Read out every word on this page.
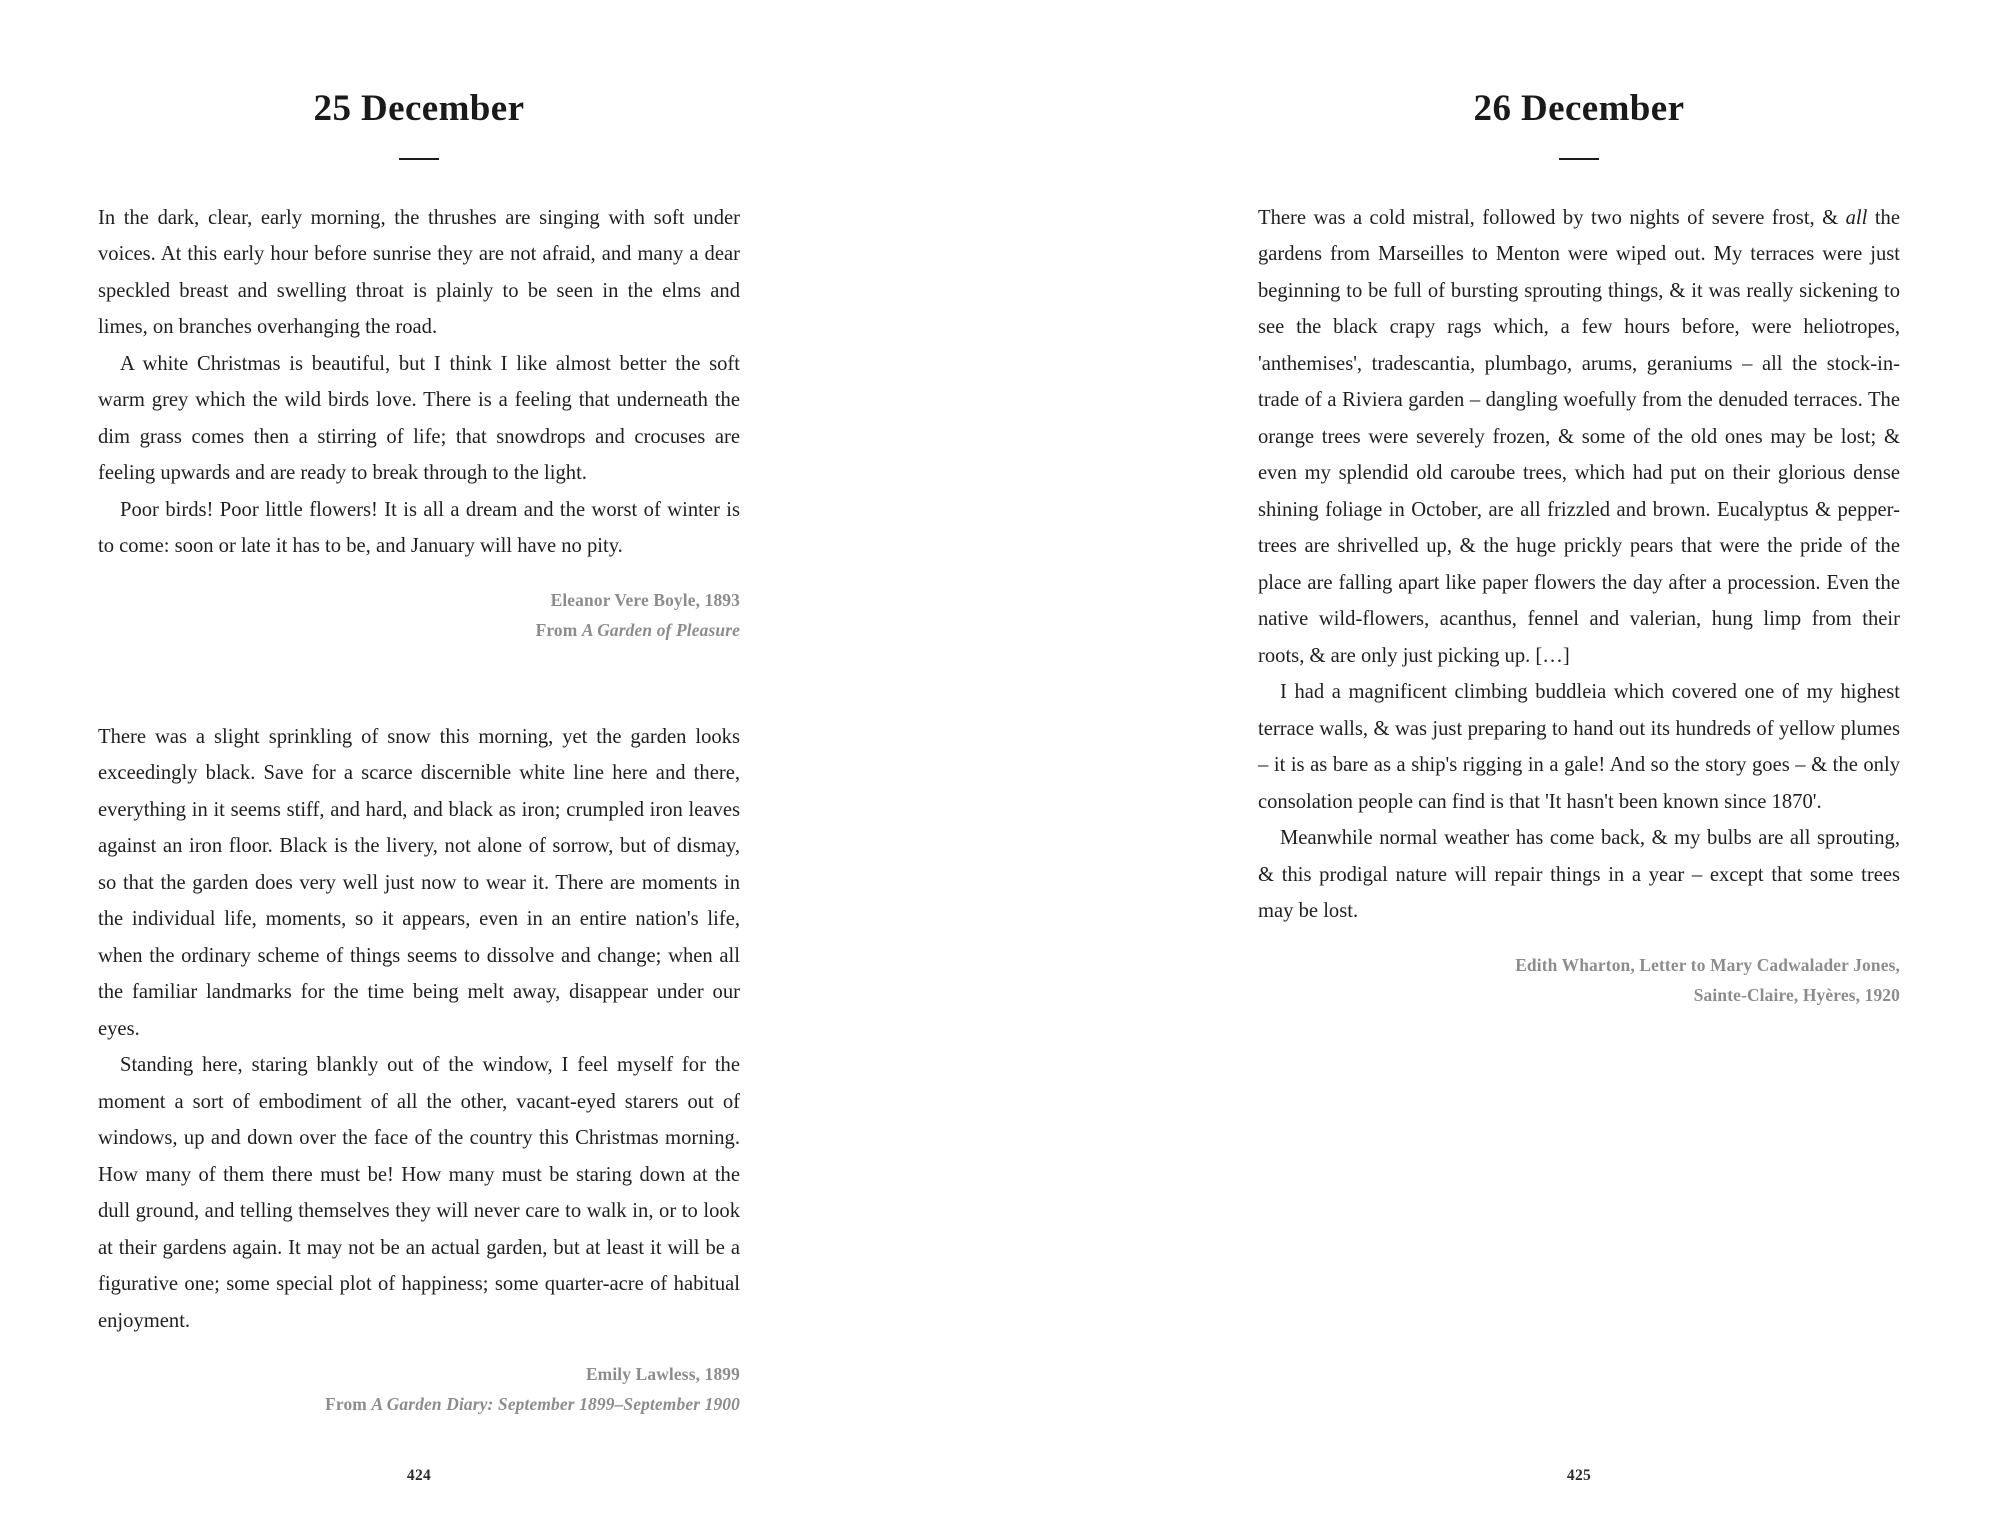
25 December

In the dark, clear, early morning, the thrushes are singing with soft under voices. At this early hour before sunrise they are not afraid, and many a dear speckled breast and swelling throat is plainly to be seen in the elms and limes, on branches overhanging the road.

A white Christmas is beautiful, but I think I like almost better the soft warm grey which the wild birds love. There is a feeling that underneath the dim grass comes then a stirring of life; that snowdrops and crocuses are feeling upwards and are ready to break through to the light.

Poor birds! Poor little flowers! It is all a dream and the worst of winter is to come: soon or late it has to be, and January will have no pity.

Eleanor Vere Boyle, 1893
From A Garden of Pleasure

There was a slight sprinkling of snow this morning, yet the garden looks exceedingly black. Save for a scarce discernible white line here and there, everything in it seems stiff, and hard, and black as iron; crumpled iron leaves against an iron floor. Black is the livery, not alone of sorrow, but of dismay, so that the garden does very well just now to wear it. There are moments in the individual life, moments, so it appears, even in an entire nation's life, when the ordinary scheme of things seems to dissolve and change; when all the familiar landmarks for the time being melt away, disappear under our eyes.

Standing here, staring blankly out of the window, I feel myself for the moment a sort of embodiment of all the other, vacant-eyed starers out of windows, up and down over the face of the country this Christmas morning. How many of them there must be! How many must be staring down at the dull ground, and telling themselves they will never care to walk in, or to look at their gardens again. It may not be an actual garden, but at least it will be a figurative one; some special plot of happiness; some quarter-acre of habitual enjoyment.

Emily Lawless, 1899
From A Garden Diary: September 1899–September 1900
424
26 December

There was a cold mistral, followed by two nights of severe frost, & all the gardens from Marseilles to Menton were wiped out. My terraces were just beginning to be full of bursting sprouting things, & it was really sickening to see the black crapy rags which, a few hours before, were heliotropes, 'anthemises', tradescantia, plumbago, arums, geraniums – all the stock-in-trade of a Riviera garden – dangling woefully from the denuded terraces. The orange trees were severely frozen, & some of the old ones may be lost; & even my splendid old caroube trees, which had put on their glorious dense shining foliage in October, are all frizzled and brown. Eucalyptus & pepper-trees are shrivelled up, & the huge prickly pears that were the pride of the place are falling apart like paper flowers the day after a procession. Even the native wild-flowers, acanthus, fennel and valerian, hung limp from their roots, & are only just picking up. […]

I had a magnificent climbing buddleia which covered one of my highest terrace walls, & was just preparing to hand out its hundreds of yellow plumes – it is as bare as a ship's rigging in a gale! And so the story goes – & the only consolation people can find is that 'It hasn't been known since 1870'.

Meanwhile normal weather has come back, & my bulbs are all sprouting, & this prodigal nature will repair things in a year – except that some trees may be lost.

Edith Wharton, Letter to Mary Cadwalader Jones,
Sainte-Claire, Hyères, 1920
425
